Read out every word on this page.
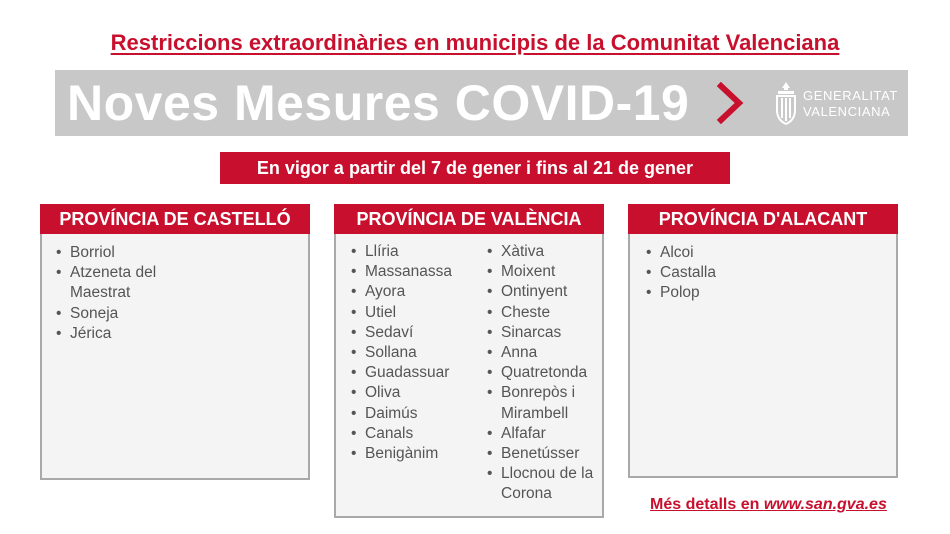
Restriccions extraordinàries en municipis de la Comunitat Valenciana
Noves Mesures COVID-19	GENERALITAT
VALENCIANA
En vigor a partir del 7 de gener i fins al 21 de gener
PROVÍNCIA DE CASTELLÓ
• Borriol
• Atzeneta del Maestrat
• Soneja
• Jérica
PROVÍNCIA DE VALÈNCIA
• Llíria
• Massanassa
• Ayora
• Utiel
• Sedaví
• Sollana
• Guadassuar
• Oliva
• Daimús
• Canals
• Benigànim
• Xàtiva
• Moixent
• Ontinyent
• Cheste
• Sinarcas
• Anna
• Quatretonda
• Bonrepòs i Mirambell
• Alfafar
• Benetússer
• Llocnou de la Corona
PROVÍNCIA D'ALACANT
• Alcoi
• Castalla
• Polop
Més detalls en www.san.gva.es
